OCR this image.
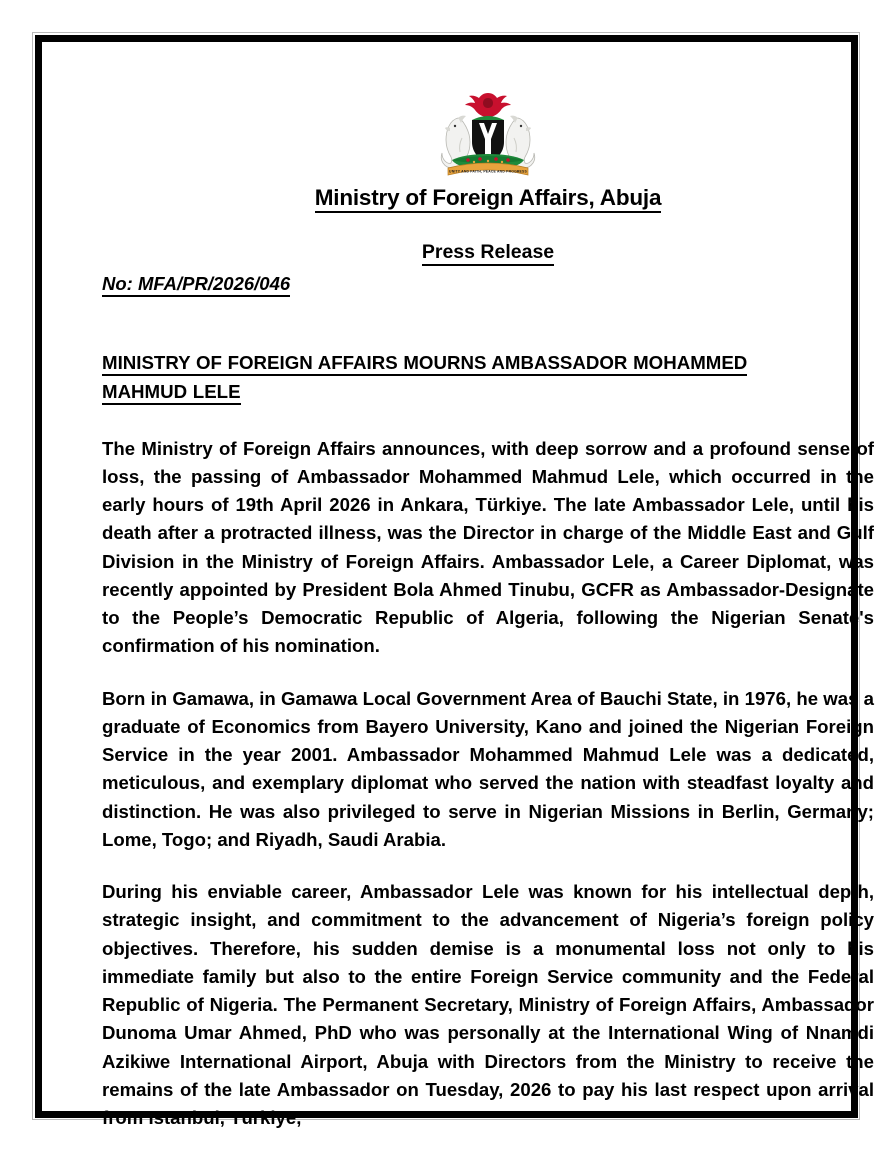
UNITY AND FAITH, PEACE AND PROGRESS
Ministry of Foreign Affairs, Abuja
Press Release
No: MFA/PR/2026/046
MINISTRY OF FOREIGN AFFAIRS MOURNS AMBASSADOR MOHAMMED
MAHMUD LELE

The Ministry of Foreign Affairs announces, with deep sorrow and a profound sense of loss, the passing of Ambassador Mohammed Mahmud Lele, which occurred in the early hours of 19th April 2026 in Ankara, Türkiye. The late Ambassador Lele, until his death after a protracted illness, was the Director in charge of the Middle East and Gulf Division in the Ministry of Foreign Affairs. Ambassador Lele, a Career Diplomat, was recently appointed by President Bola Ahmed Tinubu, GCFR as Ambassador-Designate to the People’s Democratic Republic of Algeria, following the Nigerian Senate's confirmation of his nomination.

Born in Gamawa, in Gamawa Local Government Area of Bauchi State, in 1976, he was a graduate of Economics from Bayero University, Kano and joined the Nigerian Foreign Service in the year 2001. Ambassador Mohammed Mahmud Lele was a dedicated, meticulous, and exemplary diplomat who served the nation with steadfast loyalty and distinction. He was also privileged to serve in Nigerian Missions in Berlin, Germany; Lome, Togo; and Riyadh, Saudi Arabia.

During his enviable career, Ambassador Lele was known for his intellectual depth, strategic insight, and commitment to the advancement of Nigeria’s foreign policy objectives. Therefore, his sudden demise is a monumental loss not only to his immediate family but also to the entire Foreign Service community and the Federal Republic of Nigeria. The Permanent Secretary, Ministry of Foreign Affairs, Ambassador Dunoma Umar Ahmed, PhD who was personally at the International Wing of Nnamdi Azikiwe International Airport, Abuja with Directors from the Ministry to receive the remains of the late Ambassador on Tuesday, 2026 to pay his last respect upon arrival from Istanbul, Türkiye,
